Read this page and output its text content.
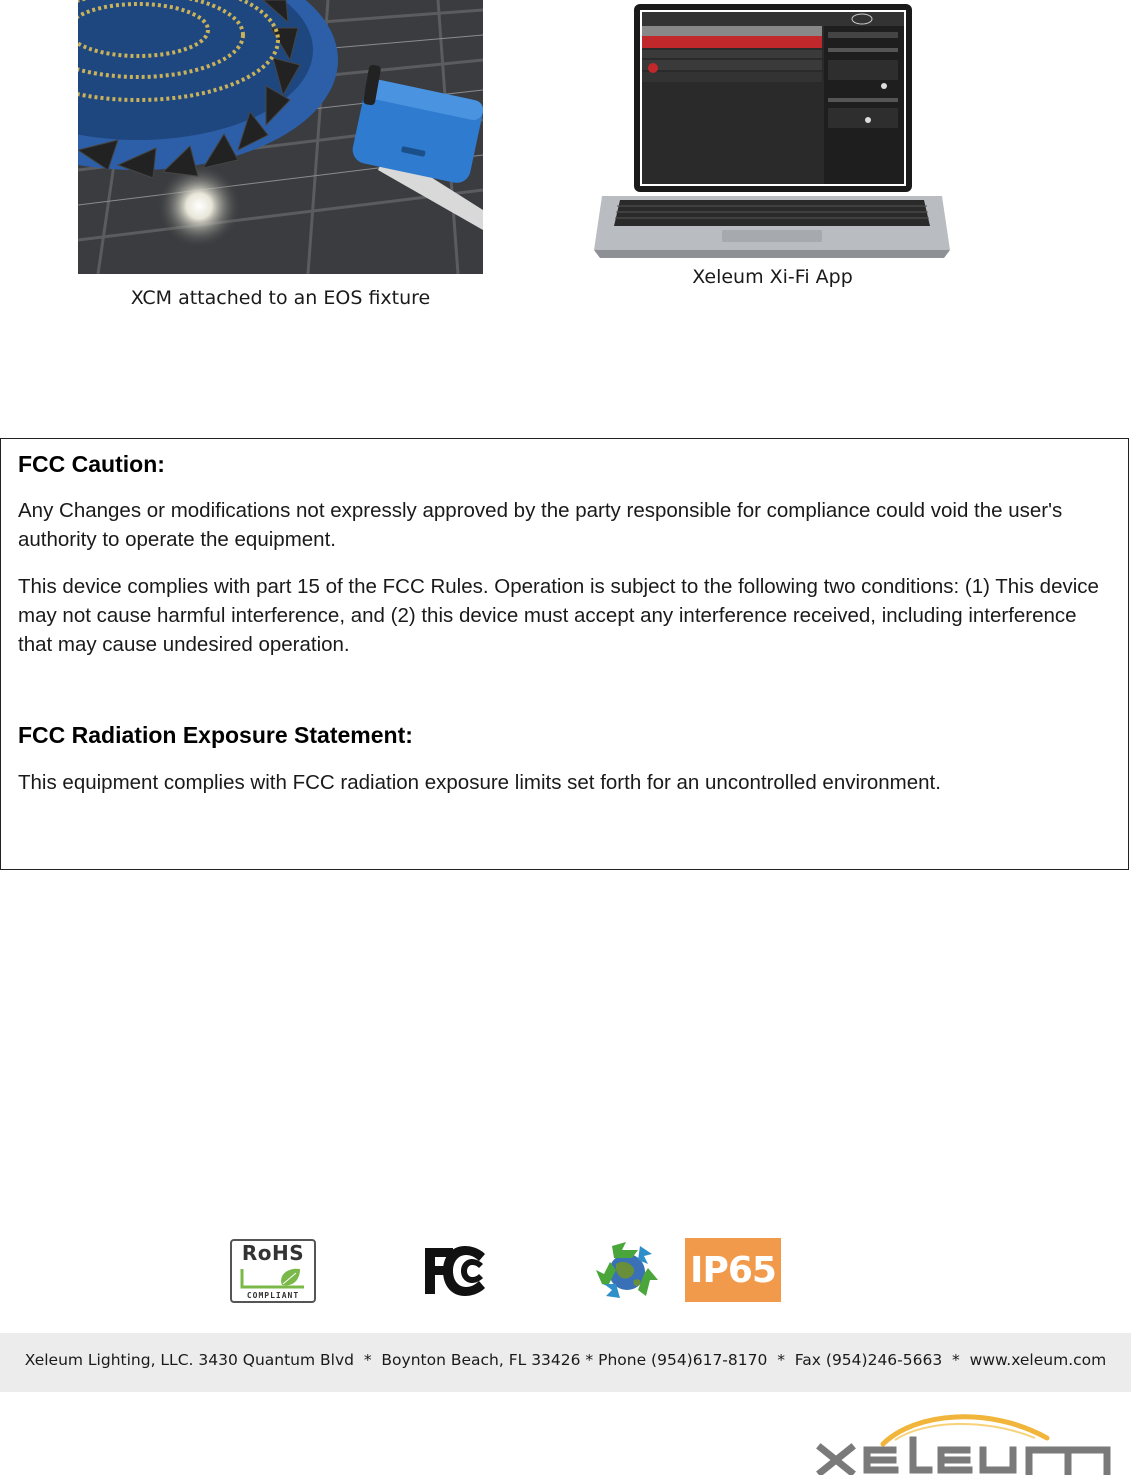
XCM attached to an EOS fixture
Xeleum Xi-Fi App
FCC Caution:
Any Changes or modifications not expressly approved by the party responsible for compliance could void the user's authority to operate the equipment.
This device complies with part 15 of the FCC Rules. Operation is subject to the following two conditions: (1) This device may not cause harmful interference, and (2) this device must accept any interference received, including interference that may cause undesired operation.
FCC Radiation Exposure Statement:
This equipment complies with FCC radiation exposure limits set forth for an uncontrolled environment.
RoHS
COMPLIANT
IP65
Xeleum Lighting, LLC. 3430 Quantum Blvd  *  Boynton Beach, FL 33426 * Phone (954)617-8170  *  Fax (954)246-5663  *  www.xeleum.com
